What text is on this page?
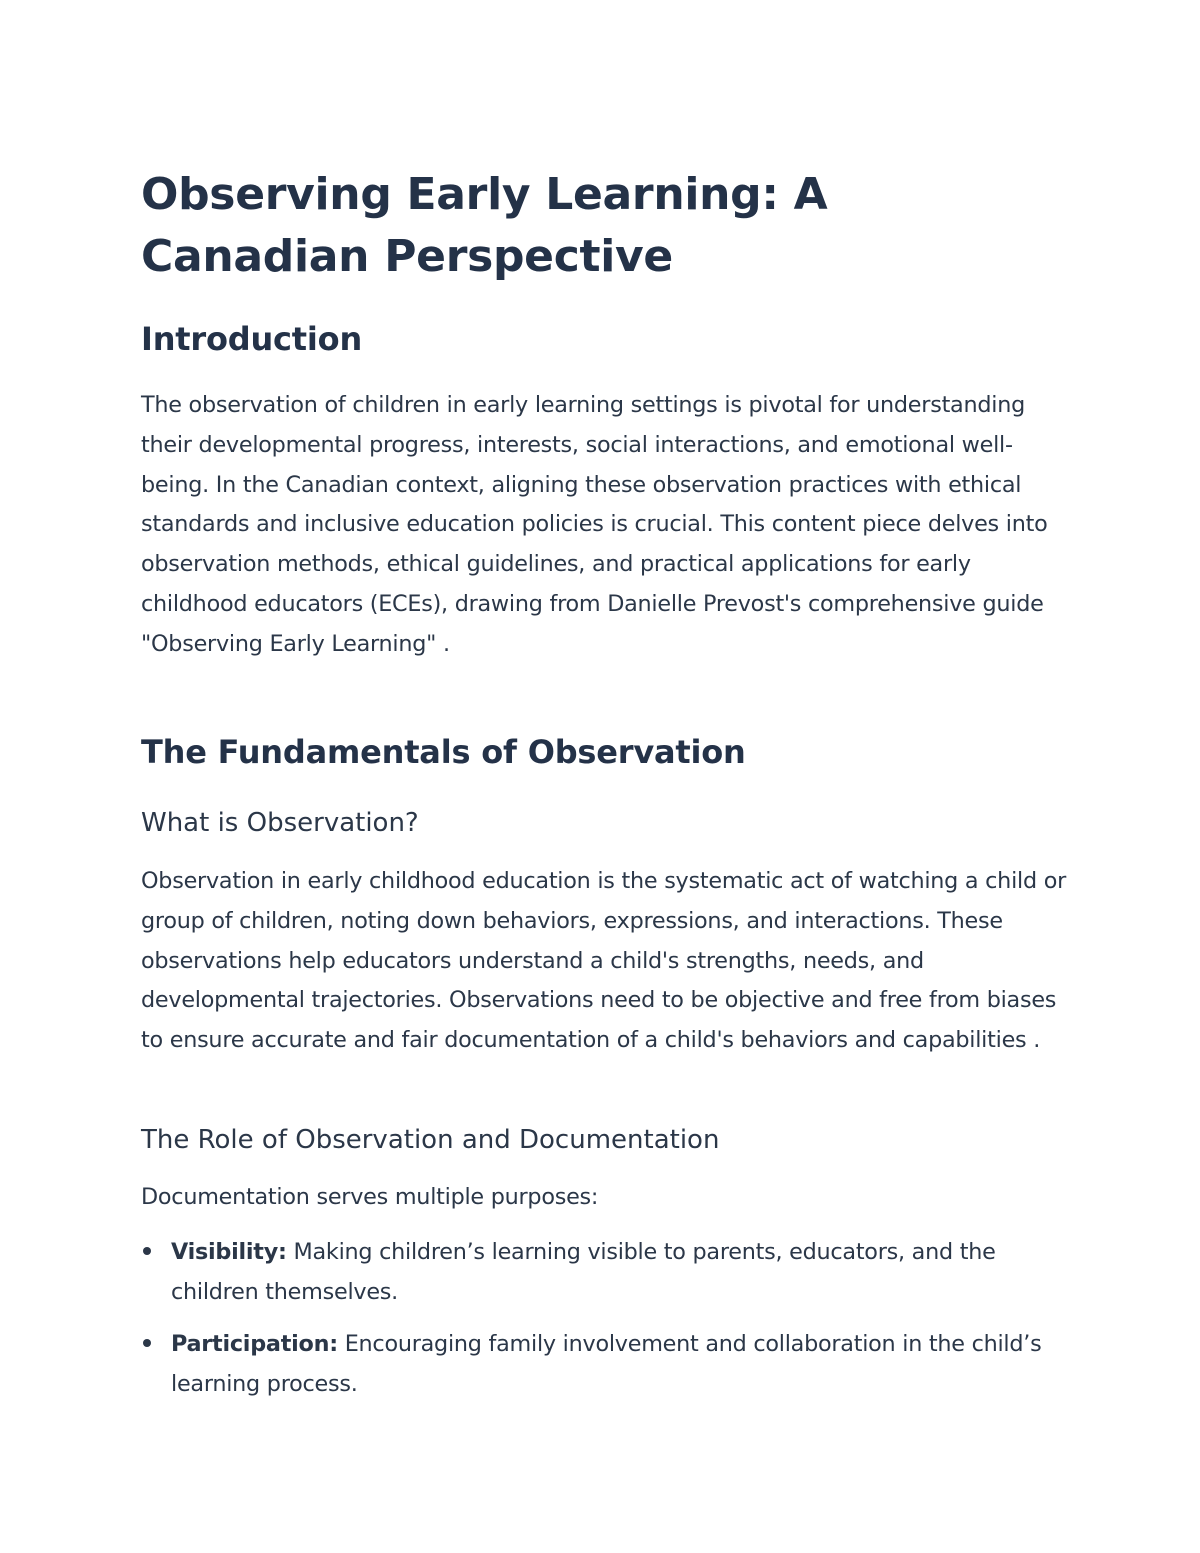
Observing Early Learning: A Canadian Perspective
Introduction

The observation of children in early learning settings is pivotal for understanding their developmental progress, interests, social interactions, and emotional well-being. In the Canadian context, aligning these observation practices with ethical standards and inclusive education policies is crucial. This content piece delves into observation methods, ethical guidelines, and practical applications for early childhood educators (ECEs), drawing from Danielle Prevost's comprehensive guide "Observing Early Learning" .

The Fundamentals of Observation
What is Observation?

Observation in early childhood education is the systematic act of watching a child or group of children, noting down behaviors, expressions, and interactions. These observations help educators understand a child's strengths, needs, and developmental trajectories. Observations need to be objective and free from biases to ensure accurate and fair documentation of a child's behaviors and capabilities .

The Role of Observation and Documentation

Documentation serves multiple purposes:

Visibility: Making children’s learning visible to parents, educators, and the children themselves.
Participation: Encouraging family involvement and collaboration in the child’s learning process.
